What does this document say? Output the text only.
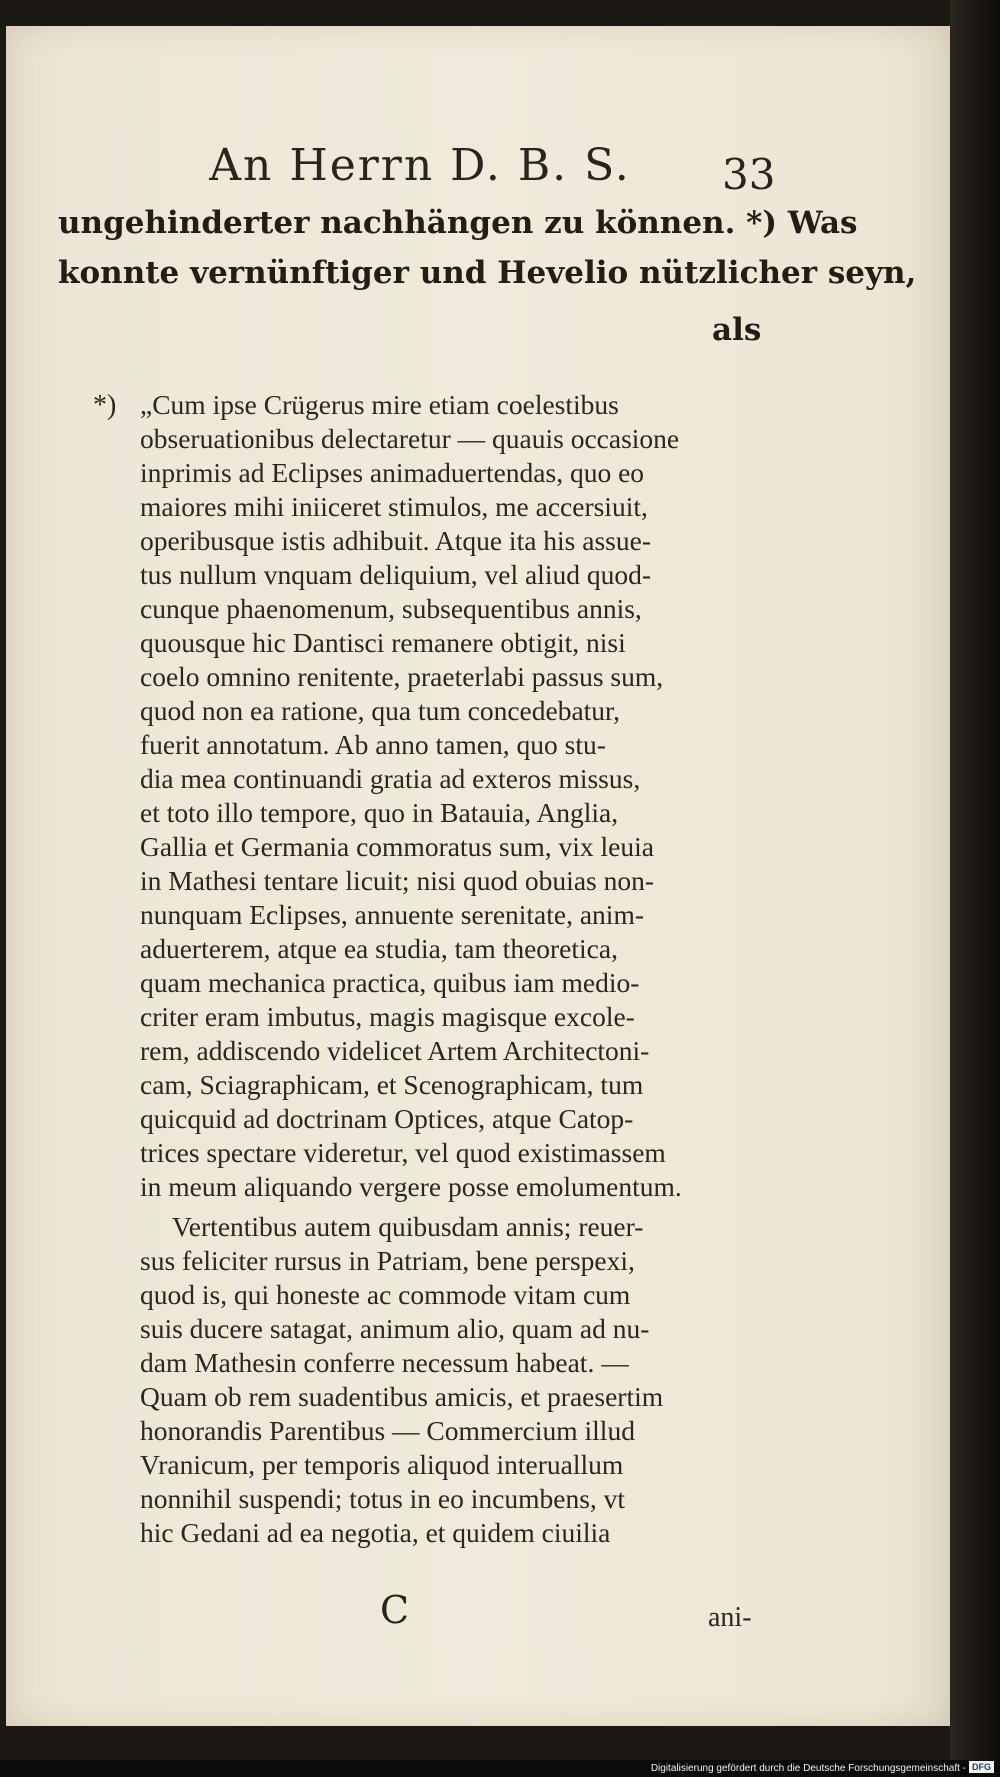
An Herrn D. B. S. 33
ungehinderter nachhängen zu können. *) Was
konnte vernünftiger und Hevelio nützlicher seyn,
als
*) „Cum ipse Crügerus mire etiam coelestibus
obseruationibus delectaretur — quauis occasione
inprimis ad Eclipses animaduertendas, quo eo
maiores mihi iniiceret stimulos, me accersiuit,
operibusque istis adhibuit. Atque ita his assue-
tus nullum vnquam deliquium, vel aliud quod-
cunque phaenomenum, subsequentibus annis,
quousque hic Dantisci remanere obtigit, nisi
coelo omnino renitente, praeterlabi passus sum,
quod non ea ratione, qua tum concedebatur,
fuerit annotatum. Ab anno tamen, quo stu-
dia mea continuandi gratia ad exteros missus,
et toto illo tempore, quo in Batauia, Anglia,
Gallia et Germania commoratus sum, vix leuia
in Mathesi tentare licuit; nisi quod obuias non-
nunquam Eclipses, annuente serenitate, anim-
aduerterem, atque ea studia, tam theoretica,
quam mechanica practica, quibus iam medio-
criter eram imbutus, magis magisque excole-
rem, addiscendo videlicet Artem Architectoni-
cam, Sciagraphicam, et Scenographicam, tum
quicquid ad doctrinam Optices, atque Catop-
trices spectare videretur, vel quod existimassem
in meum aliquando vergere posse emolumentum.
Vertentibus autem quibusdam annis; reuer-
sus feliciter rursus in Patriam, bene perspexi,
quod is, qui honeste ac commode vitam cum
suis ducere satagat, animum alio, quam ad nu-
dam Mathesin conferre necessum habeat. —
Quam ob rem suadentibus amicis, et praesertim
honorandis Parentibus — Commercium illud
Vranicum, per temporis aliquod interuallum
nonnihil suspendi; totus in eo incumbens, vt
hic Gedani ad ea negotia, et quidem ciuilia
C	ani-
Digitalisierung gefördert durch die Deutsche Forschungsgemeinschaft - DFG
